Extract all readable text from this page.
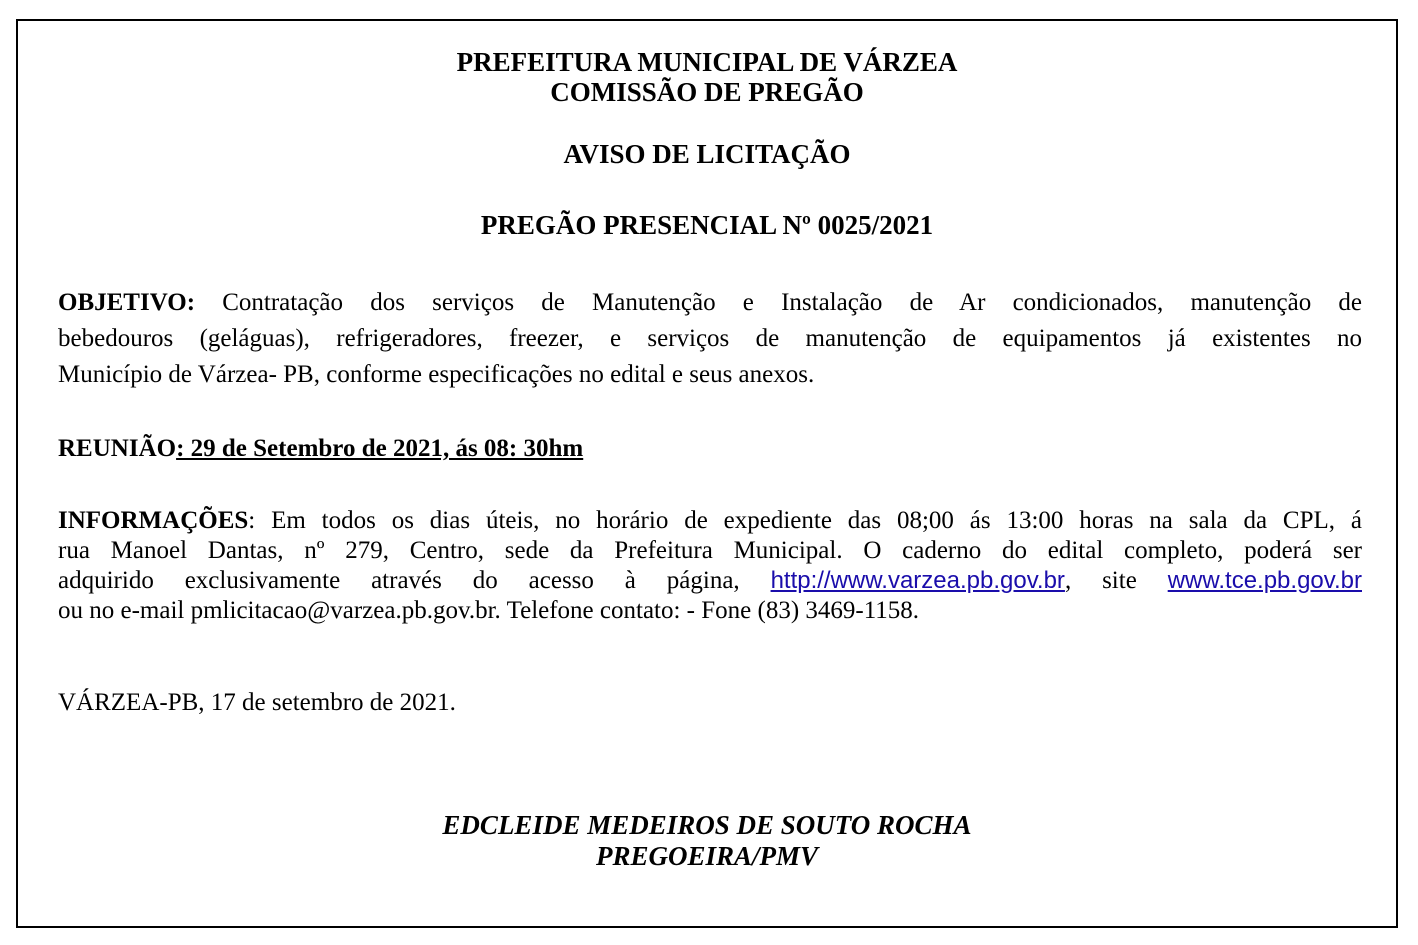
PREFEITURA MUNICIPAL DE VÁRZEA
COMISSÃO DE PREGÃO
AVISO DE LICITAÇÃO
PREGÃO PRESENCIAL Nº 0025/2021
OBJETIVO: Contratação dos serviços de Manutenção e Instalação de Ar condicionados, manutenção de
bebedouros (geláguas), refrigeradores, freezer, e serviços de manutenção de equipamentos já existentes no
Município de Várzea- PB, conforme especificações no edital e seus anexos.
REUNIÃO: 29 de Setembro de 2021, ás 08: 30hm
INFORMAÇÕES: Em todos os dias úteis, no horário de expediente das 08;00 ás 13:00 horas na sala da CPL, á
rua Manoel Dantas, nº 279, Centro, sede da Prefeitura Municipal. O caderno do edital completo, poderá ser
adquirido exclusivamente através do acesso à página, http://www.varzea.pb.gov.br, site www.tce.pb.gov.br
ou no e-mail pmlicitacao@varzea.pb.gov.br. Telefone contato: - Fone (83) 3469-1158.
VÁRZEA-PB, 17 de setembro de 2021.
EDCLEIDE MEDEIROS DE SOUTO ROCHA
PREGOEIRA/PMV
